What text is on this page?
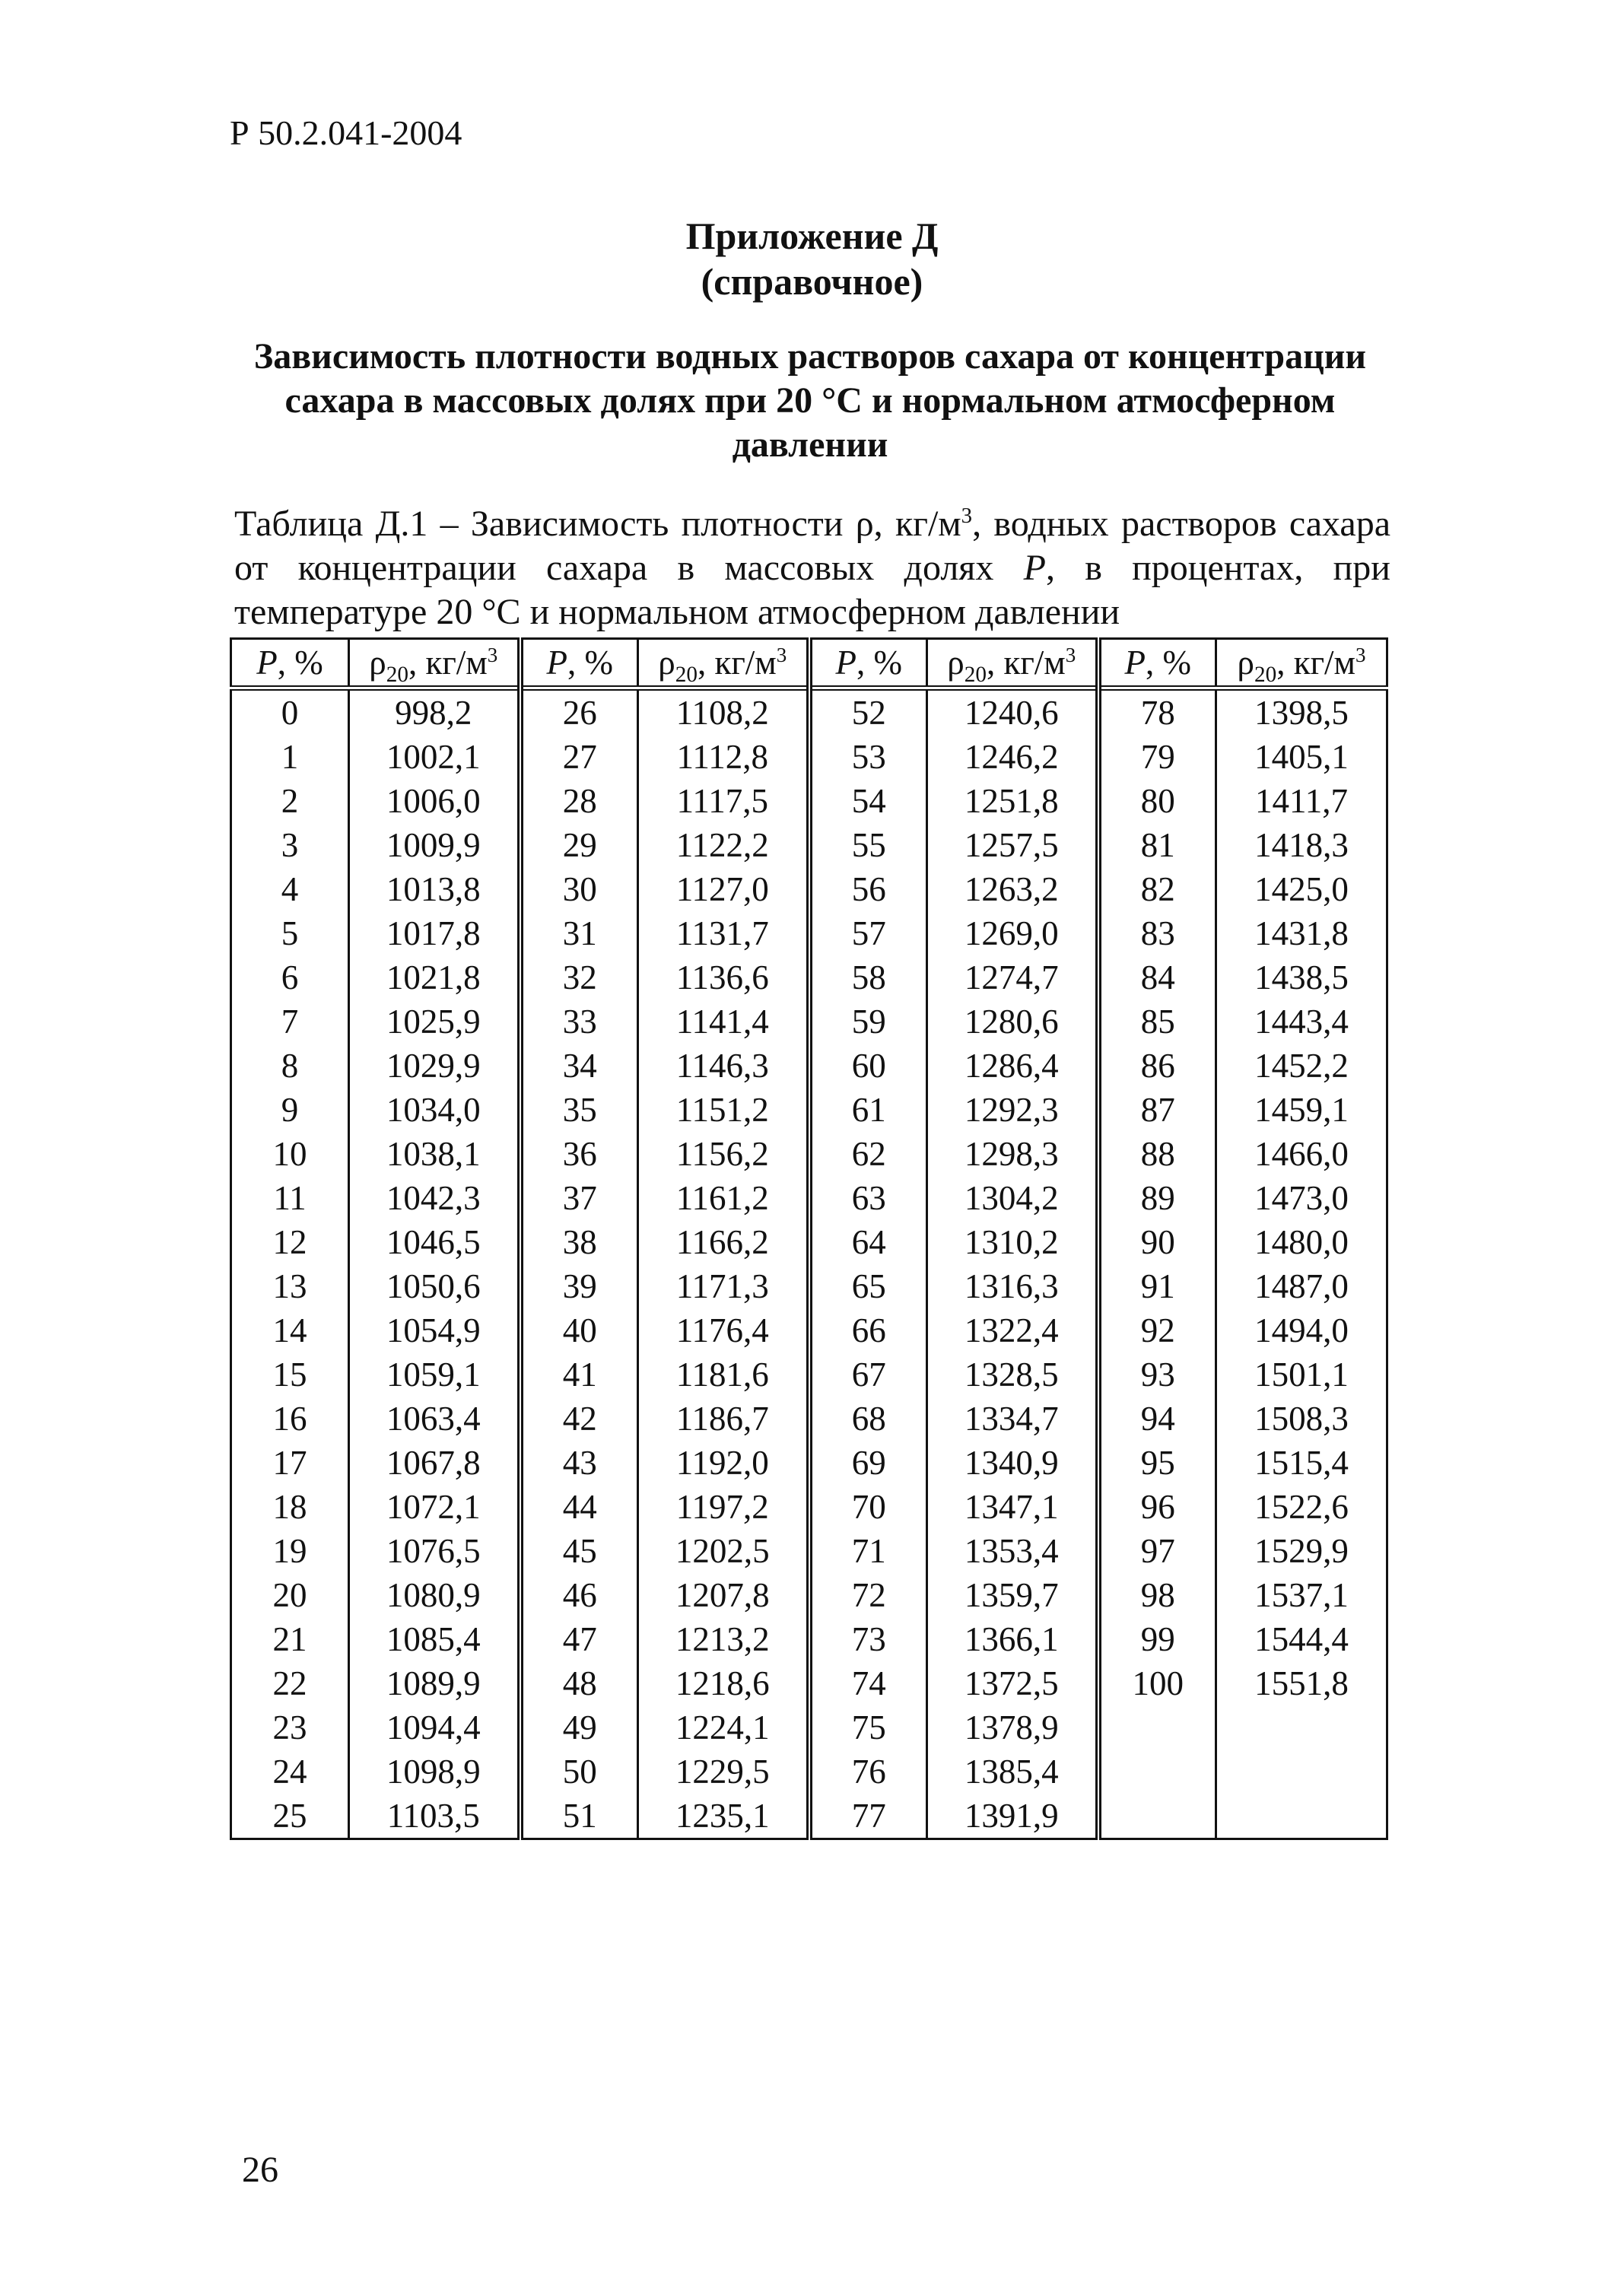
Р 50.2.041-2004
Приложение Д
(справочное)
Зависимость плотности водных растворов сахара от концентрации сахара в массовых долях при 20 °С и нормальном атмосферном давлении
Таблица Д.1 – Зависимость плотности ρ, $кг/м^3$, водных растворов сахара от концентрации сахара в массовых долях P, в процентах, при температуре 20 °С и нормальном атмосферном давлении
P, %	$\rho_{20}$, $кг/м^3$	P, %	$\rho_{20}$, $кг/м^3$	P, %	$\rho_{20}$, $кг/м^3$	P, %	$\rho_{20}$, $кг/м^3$
0	998,2	26	1108,2	52	1240,6	78	1398,5
1	1002,1	27	1112,8	53	1246,2	79	1405,1
2	1006,0	28	1117,5	54	1251,8	80	1411,7
3	1009,9	29	1122,2	55	1257,5	81	1418,3
4	1013,8	30	1127,0	56	1263,2	82	1425,0
5	1017,8	31	1131,7	57	1269,0	83	1431,8
6	1021,8	32	1136,6	58	1274,7	84	1438,5
7	1025,9	33	1141,4	59	1280,6	85	1443,4
8	1029,9	34	1146,3	60	1286,4	86	1452,2
9	1034,0	35	1151,2	61	1292,3	87	1459,1
10	1038,1	36	1156,2	62	1298,3	88	1466,0
11	1042,3	37	1161,2	63	1304,2	89	1473,0
12	1046,5	38	1166,2	64	1310,2	90	1480,0
13	1050,6	39	1171,3	65	1316,3	91	1487,0
14	1054,9	40	1176,4	66	1322,4	92	1494,0
15	1059,1	41	1181,6	67	1328,5	93	1501,1
16	1063,4	42	1186,7	68	1334,7	94	1508,3
17	1067,8	43	1192,0	69	1340,9	95	1515,4
18	1072,1	44	1197,2	70	1347,1	96	1522,6
19	1076,5	45	1202,5	71	1353,4	97	1529,9
20	1080,9	46	1207,8	72	1359,7	98	1537,1
21	1085,4	47	1213,2	73	1366,1	99	1544,4
22	1089,9	48	1218,6	74	1372,5	100	1551,8
23	1094,4	49	1224,1	75	1378,9		
24	1098,9	50	1229,5	76	1385,4		
25	1103,5	51	1235,1	77	1391,9		
26
